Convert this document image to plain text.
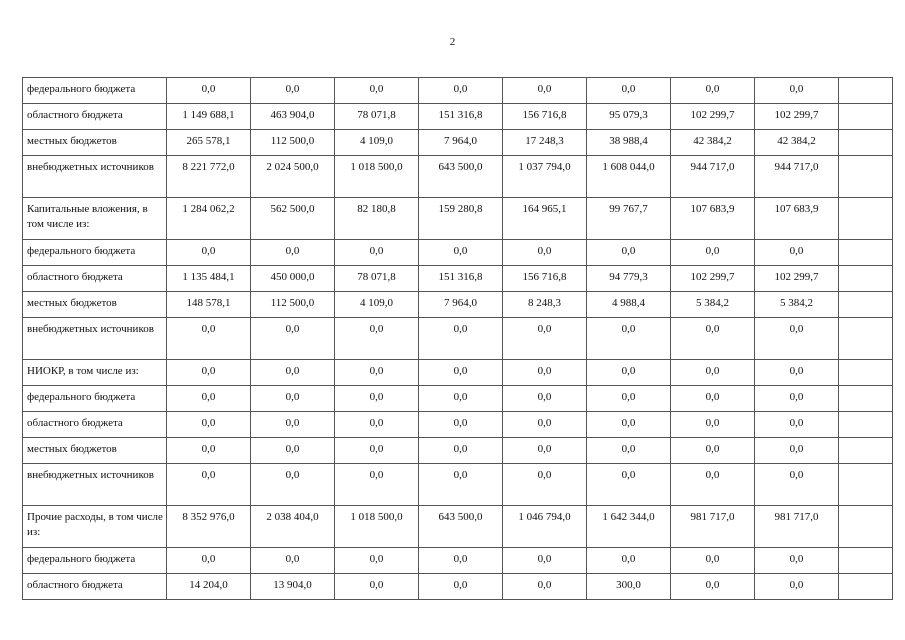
2
федерального бюджета	0,0	0,0	0,0	0,0	0,0	0,0	0,0	0,0	
областного бюджета	1 149 688,1	463 904,0	78 071,8	151 316,8	156 716,8	95 079,3	102 299,7	102 299,7	
местных бюджетов	265 578,1	112 500,0	4 109,0	7 964,0	17 248,3	38 988,4	42 384,2	42 384,2	
внебюджетных источников	8 221 772,0	2 024 500,0	1 018 500,0	643 500,0	1 037 794,0	1 608 044,0	944 717,0	944 717,0	
Капитальные вложения, в том числе из:	1 284 062,2	562 500,0	82 180,8	159 280,8	164 965,1	99 767,7	107 683,9	107 683,9	
федерального бюджета	0,0	0,0	0,0	0,0	0,0	0,0	0,0	0,0	
областного бюджета	1 135 484,1	450 000,0	78 071,8	151 316,8	156 716,8	94 779,3	102 299,7	102 299,7	
местных бюджетов	148 578,1	112 500,0	4 109,0	7 964,0	8 248,3	4 988,4	5 384,2	5 384,2	
внебюджетных источников	0,0	0,0	0,0	0,0	0,0	0,0	0,0	0,0	
НИОКР, в том числе из:	0,0	0,0	0,0	0,0	0,0	0,0	0,0	0,0	
федерального бюджета	0,0	0,0	0,0	0,0	0,0	0,0	0,0	0,0	
областного бюджета	0,0	0,0	0,0	0,0	0,0	0,0	0,0	0,0	
местных бюджетов	0,0	0,0	0,0	0,0	0,0	0,0	0,0	0,0	
внебюджетных источников	0,0	0,0	0,0	0,0	0,0	0,0	0,0	0,0	
Прочие расходы, в том числе из:	8 352 976,0	2 038 404,0	1 018 500,0	643 500,0	1 046 794,0	1 642 344,0	981 717,0	981 717,0	
федерального бюджета	0,0	0,0	0,0	0,0	0,0	0,0	0,0	0,0	
областного бюджета	14 204,0	13 904,0	0,0	0,0	0,0	300,0	0,0	0,0	
